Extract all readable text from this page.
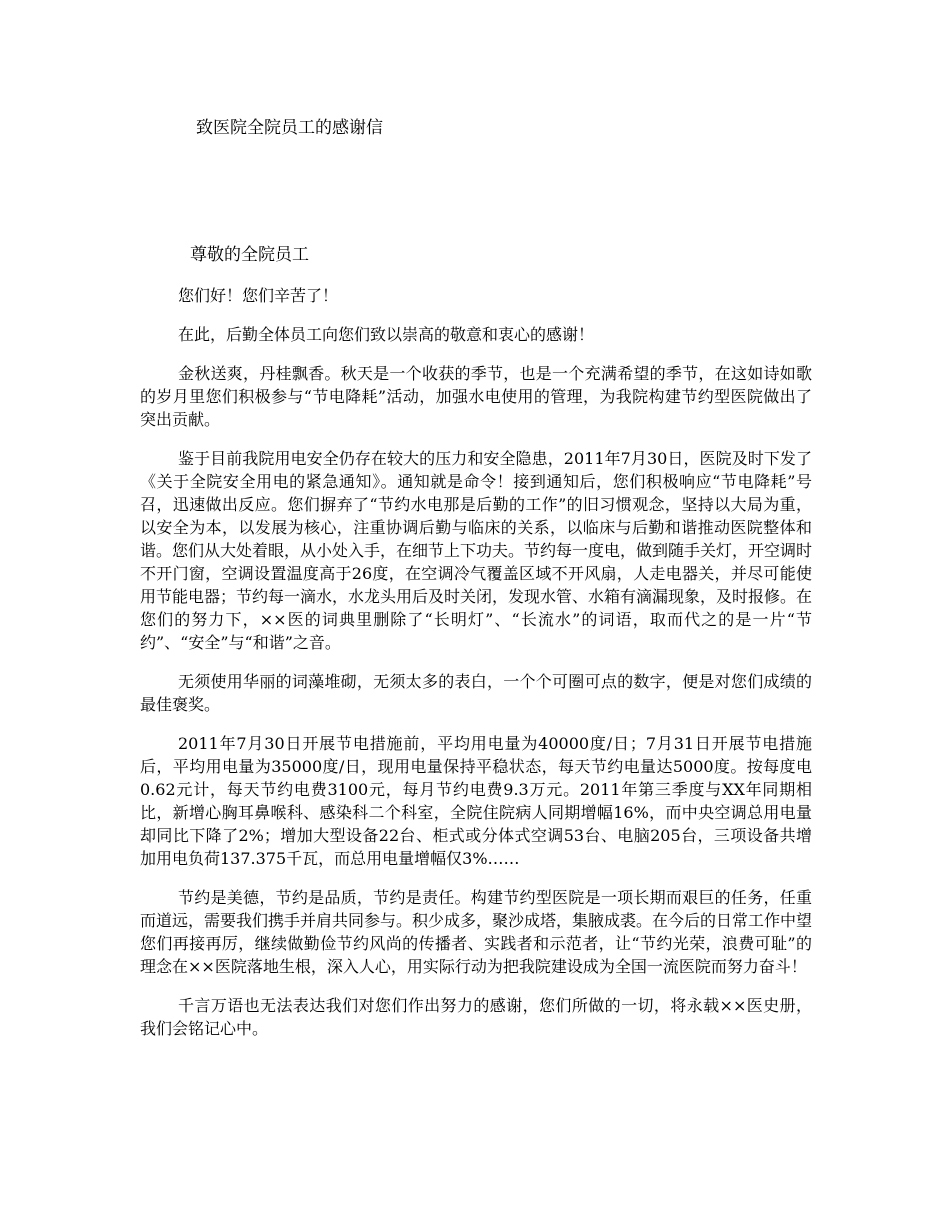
致医院全院员工的感谢信
尊敬的全院员工

您们好！您们辛苦了！

在此，后勤全体员工向您们致以崇高的敬意和衷心的感谢！

金秋送爽，丹桂飘香。秋天是一个收获的季节，也是一个充满希望的季节，在这如诗如歌的岁月里您们积极参与“节电降耗”活动，加强水电使用的管理，为我院构建节约型医院做出了突出贡献。

鉴于目前我院用电安全仍存在较大的压力和安全隐患，2011年7月30日，医院及时下发了《关于全院安全用电的紧急通知》。通知就是命令！接到通知后，您们积极响应“节电降耗”号召，迅速做出反应。您们摒弃了“节约水电那是后勤的工作”的旧习惯观念，坚持以大局为重，以安全为本，以发展为核心，注重协调后勤与临床的关系，以临床与后勤和谐推动医院整体和谐。您们从大处着眼，从小处入手，在细节上下功夫。节约每一度电，做到随手关灯，开空调时不开门窗，空调设置温度高于26度，在空调冷气覆盖区域不开风扇，人走电器关，并尽可能使用节能电器；节约每一滴水，水龙头用后及时关闭，发现水管、水箱有滴漏现象，及时报修。在您们的努力下，××医的词典里删除了“长明灯”、“长流水”的词语，取而代之的是一片“节约”、“安全”与“和谐”之音。

无须使用华丽的词藻堆砌，无须太多的表白，一个个可圈可点的数字，便是对您们成绩的最佳褒奖。

2011年7月30日开展节电措施前，平均用电量为40000度/日；7月31日开展节电措施后，平均用电量为35000度/日，现用电量保持平稳状态，每天节约电量达5000度。按每度电0.62元计，每天节约电费3100元，每月节约电费9.3万元。2011年第三季度与XX年同期相比，新增心胸耳鼻喉科、感染科二个科室，全院住院病人同期增幅16%，而中央空调总用电量却同比下降了2%；增加大型设备22台、柜式或分体式空调53台、电脑205台，三项设备共增加用电负荷137.375千瓦，而总用电量增幅仅3%……

节约是美德，节约是品质，节约是责任。构建节约型医院是一项长期而艰巨的任务，任重而道远，需要我们携手并肩共同参与。积少成多，聚沙成塔，集腋成裘。在今后的日常工作中望您们再接再厉，继续做勤俭节约风尚的传播者、实践者和示范者，让“节约光荣，浪费可耻”的理念在××医院落地生根，深入人心，用实际行动为把我院建设成为全国一流医院而努力奋斗！

千言万语也无法表达我们对您们作出努力的感谢，您们所做的一切，将永载××医史册，我们会铭记心中。
